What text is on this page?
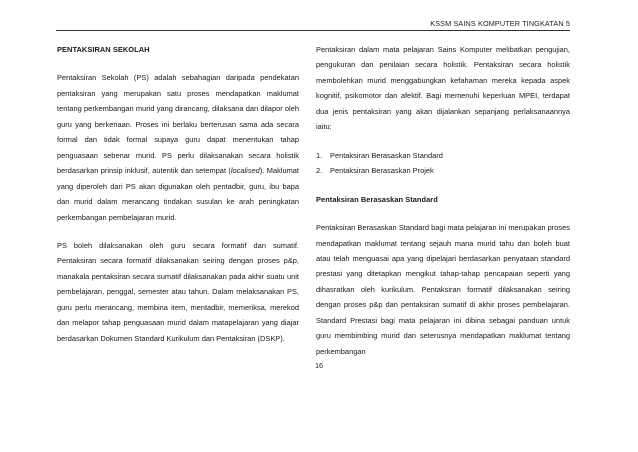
KSSM SAINS KOMPUTER TINGKATAN 5

PENTAKSIRAN SEKOLAH

Pentaksiran Sekolah (PS) adalah sebahagian daripada pendekatan pentaksiran yang merupakan satu proses mendapatkan maklumat tentang perkembangan murid yang dirancang, dilaksana dan dilapor oleh guru yang berkenaan. Proses ini berlaku berterusan sama ada secara formal dan tidak formal supaya guru dapat menentukan tahap penguasaan sebenar murid. PS perlu dilaksanakan secara holistik berdasarkan prinsip inklusif, autentik dan setempat (localised). Maklumat yang diperoleh dari PS akan digunakan oleh pentadbir, guru, ibu bapa dan murid dalam merancang tindakan susulan ke arah peningkatan perkembangan pembelajaran murid.

PS boleh dilaksanakan oleh guru secara formatif dan sumatif. Pentaksiran secara formatif dilaksanakan seiring dengan proses p&p, manakala pentaksiran secara sumatif dilaksanakan pada akhir suatu unit pembelajaran, penggal, semester atau tahun. Dalam melaksanakan PS, guru perlu merancang, membina item, mentadbir, memeriksa, merekod dan melapor tahap penguasaan murid dalam matapelajaran yang diajar berdasarkan Dokumen Standard Kurikulum dan Pentaksiran (DSKP).

Pentaksiran dalam mata pelajaran Sains Komputer melibatkan pengujian, pengukuran dan penilaian secara holistik. Pentaksiran secara holistik membolehkan murid menggabungkan kefahaman mereka kepada aspek kognitif, psikomotor dan afektif. Bagi memenuhi keperluan MPEI, terdapat dua jenis pentaksiran yang akan dijalankan sepanjang perlaksanaannya iaitu:

1. Pentaksiran Berasaskan Standard
2. Pentaksiran Berasaskan Projek

Pentaksiran Berasaskan Standard

Pentaksiran Berasaskan Standard bagi mata pelajaran ini merupakan proses mendapatkan maklumat tentang sejauh mana murid tahu dan boleh buat atau telah menguasai apa yang dipelajari berdasarkan penyataan standard prestasi yang ditetapkan mengikut tahap-tahap pencapaian seperti yang dihasratkan oleh kurikulum. Pentaksiran formatif dilaksanakan seiring dengan proses p&p dan pentaksiran sumatif di akhir proses pembelajaran. Standard Prestasi bagi mata pelajaran ini dibina sebagai panduan untuk guru membimbing murid dan seterusnya mendapatkan maklumat tentang perkembangan

16
